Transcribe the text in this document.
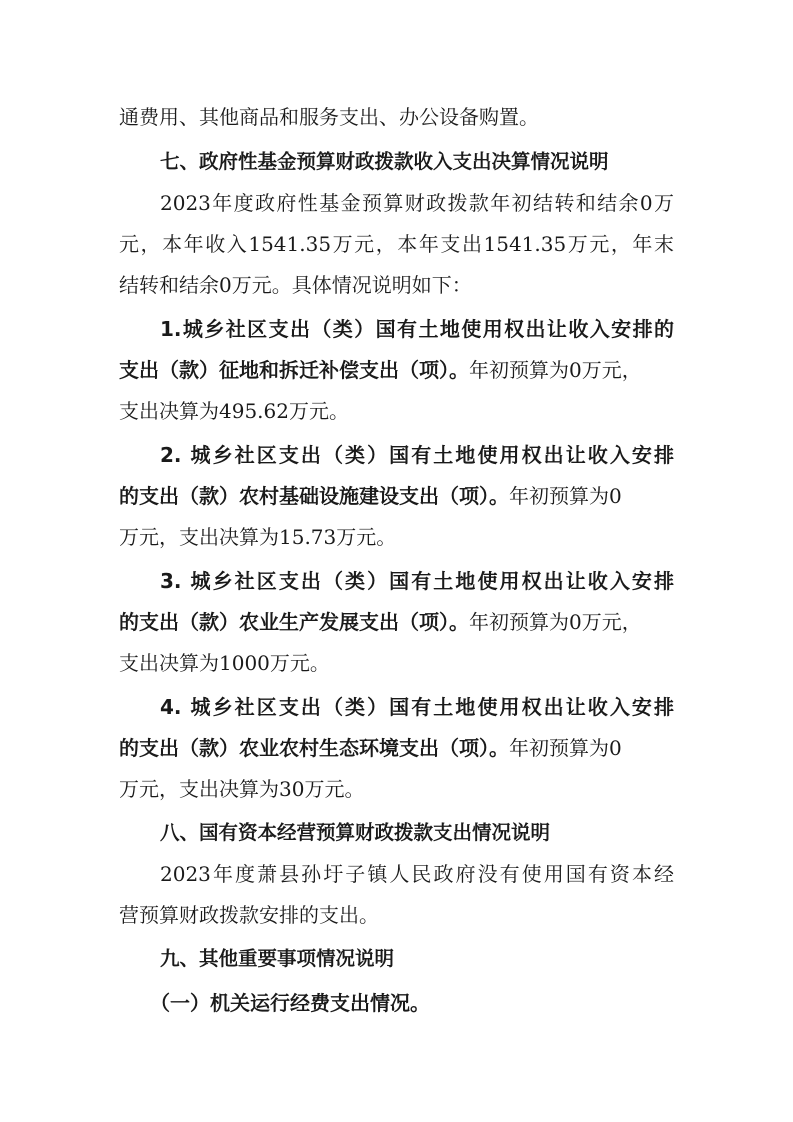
通费用、其他商品和服务支出、办公设备购置。

七、政府性基金预算财政拨款收入支出决算情况说明

2023年度政府性基金预算财政拨款年初结转和结余0万

元，本年收入1541.35万元，本年支出1541.35万元，年末

结转和结余0万元。具体情况说明如下：

1.城乡社区支出（类）国有土地使用权出让收入安排的

支出（款）征地和拆迁补偿支出（项）。年初预算为0万元，

支出决算为495.62万元。

2. 城乡社区支出（类）国有土地使用权出让收入安排

的支出（款）农村基础设施建设支出（项）。年初预算为0

万元，支出决算为15.73万元。

3. 城乡社区支出（类）国有土地使用权出让收入安排

的支出（款）农业生产发展支出（项）。年初预算为0万元，

支出决算为1000万元。

4. 城乡社区支出（类）国有土地使用权出让收入安排

的支出（款）农业农村生态环境支出（项）。年初预算为0

万元，支出决算为30万元。

八、国有资本经营预算财政拨款支出情况说明

2023年度萧县孙圩子镇人民政府没有使用国有资本经

营预算财政拨款安排的支出。

九、其他重要事项情况说明

（一）机关运行经费支出情况。
